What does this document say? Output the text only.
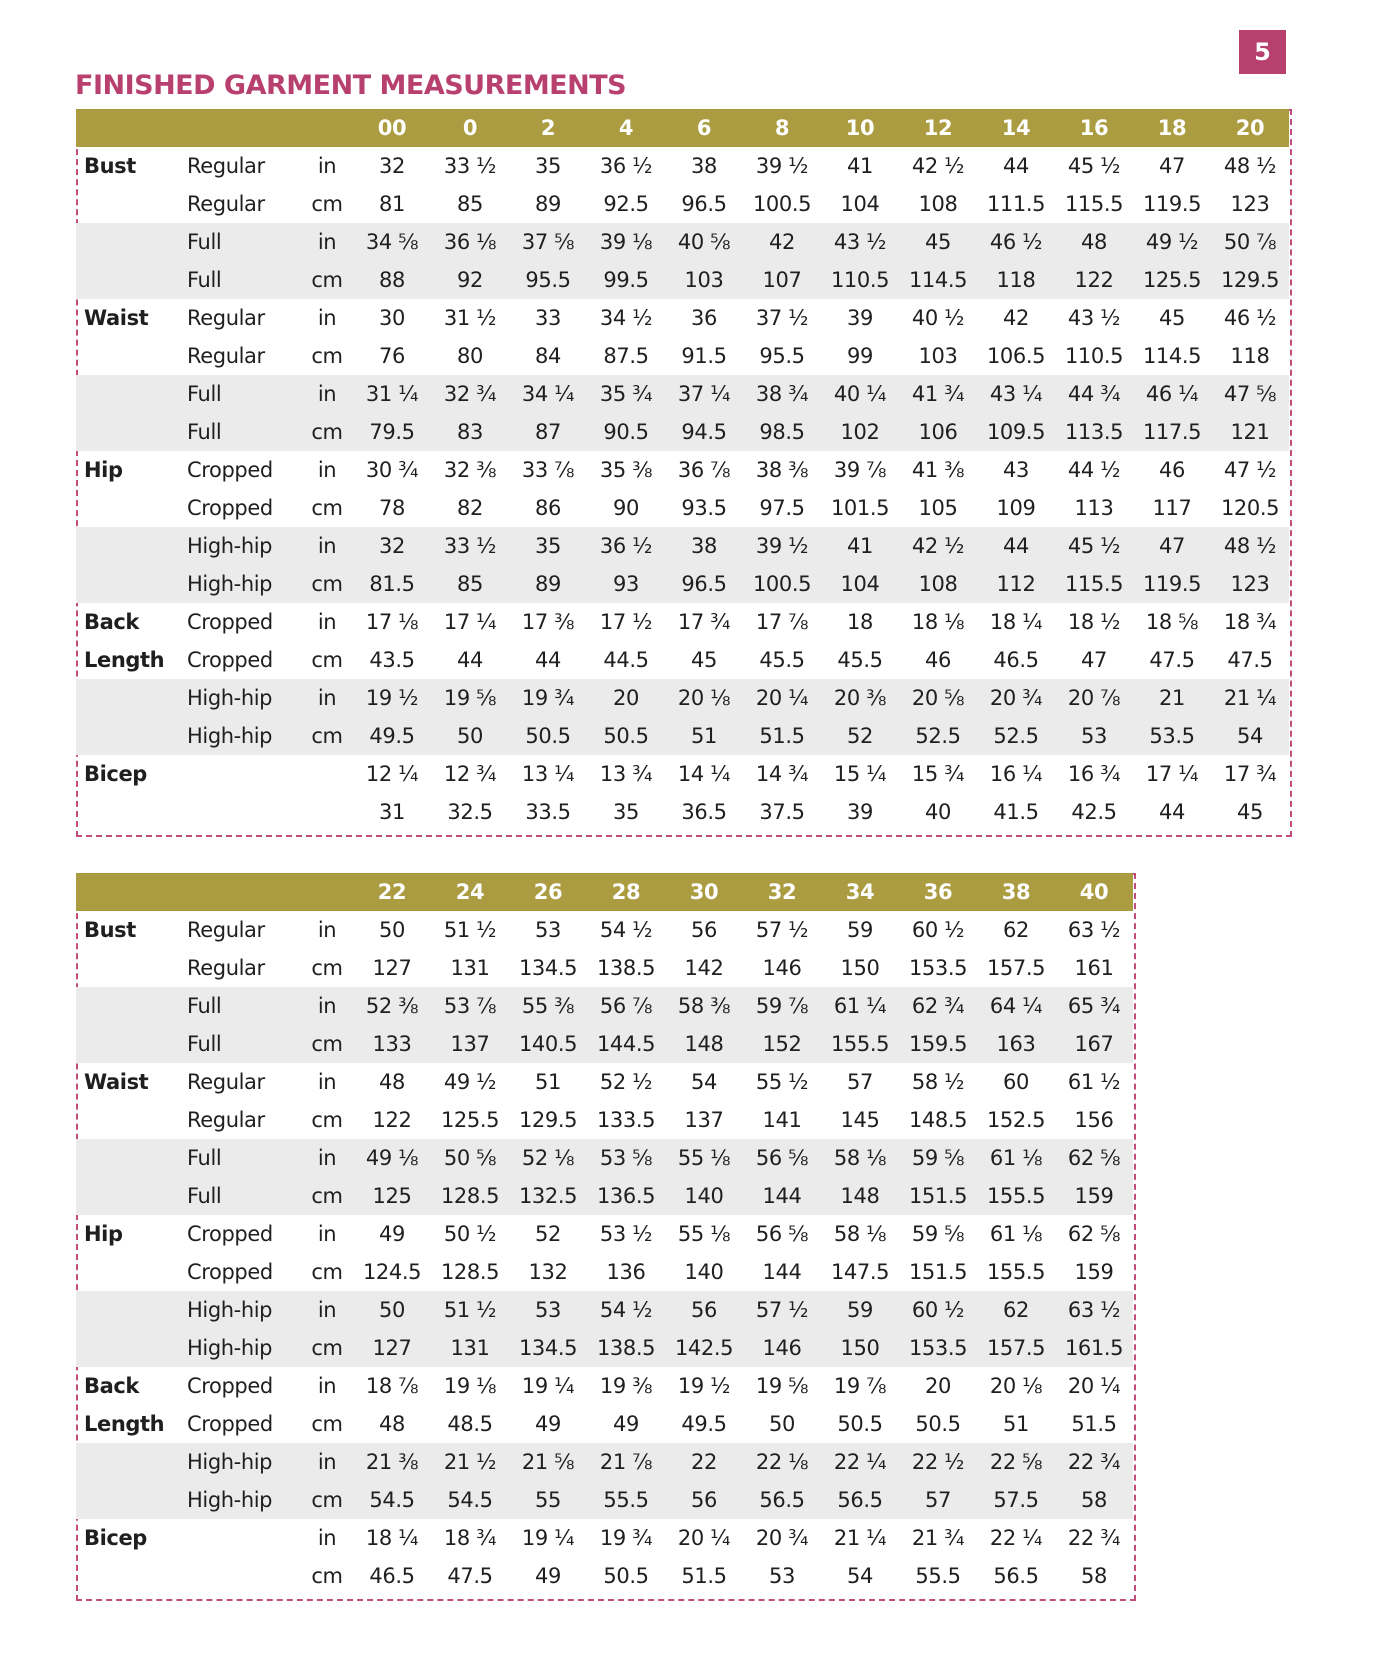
5
FINISHED GARMENT MEASUREMENTS
			00	0	2	4	6	8	10	12	14	16	18	20
Bust	Regular	in	32	33 ½	35	36 ½	38	39 ½	41	42 ½	44	45 ½	47	48 ½
	Regular	cm	81	85	89	92.5	96.5	100.5	104	108	111.5	115.5	119.5	123
	Full	in	34 ⅝	36 ⅛	37 ⅝	39 ⅛	40 ⅝	42	43 ½	45	46 ½	48	49 ½	50 ⅞
	Full	cm	88	92	95.5	99.5	103	107	110.5	114.5	118	122	125.5	129.5
Waist	Regular	in	30	31 ½	33	34 ½	36	37 ½	39	40 ½	42	43 ½	45	46 ½
	Regular	cm	76	80	84	87.5	91.5	95.5	99	103	106.5	110.5	114.5	118
	Full	in	31 ¼	32 ¾	34 ¼	35 ¾	37 ¼	38 ¾	40 ¼	41 ¾	43 ¼	44 ¾	46 ¼	47 ⅝
	Full	cm	79.5	83	87	90.5	94.5	98.5	102	106	109.5	113.5	117.5	121
Hip	Cropped	in	30 ¾	32 ⅜	33 ⅞	35 ⅜	36 ⅞	38 ⅜	39 ⅞	41 ⅜	43	44 ½	46	47 ½
	Cropped	cm	78	82	86	90	93.5	97.5	101.5	105	109	113	117	120.5
	High-hip	in	32	33 ½	35	36 ½	38	39 ½	41	42 ½	44	45 ½	47	48 ½
	High-hip	cm	81.5	85	89	93	96.5	100.5	104	108	112	115.5	119.5	123
Back	Cropped	in	17 ⅛	17 ¼	17 ⅜	17 ½	17 ¾	17 ⅞	18	18 ⅛	18 ¼	18 ½	18 ⅝	18 ¾
Length	Cropped	cm	43.5	44	44	44.5	45	45.5	45.5	46	46.5	47	47.5	47.5
	High-hip	in	19 ½	19 ⅝	19 ¾	20	20 ⅛	20 ¼	20 ⅜	20 ⅝	20 ¾	20 ⅞	21	21 ¼
	High-hip	cm	49.5	50	50.5	50.5	51	51.5	52	52.5	52.5	53	53.5	54
Bicep			12 ¼	12 ¾	13 ¼	13 ¾	14 ¼	14 ¾	15 ¼	15 ¾	16 ¼	16 ¾	17 ¼	17 ¾
			31	32.5	33.5	35	36.5	37.5	39	40	41.5	42.5	44	45
			22	24	26	28	30	32	34	36	38	40
Bust	Regular	in	50	51 ½	53	54 ½	56	57 ½	59	60 ½	62	63 ½
	Regular	cm	127	131	134.5	138.5	142	146	150	153.5	157.5	161
	Full	in	52 ⅜	53 ⅞	55 ⅜	56 ⅞	58 ⅜	59 ⅞	61 ¼	62 ¾	64 ¼	65 ¾
	Full	cm	133	137	140.5	144.5	148	152	155.5	159.5	163	167
Waist	Regular	in	48	49 ½	51	52 ½	54	55 ½	57	58 ½	60	61 ½
	Regular	cm	122	125.5	129.5	133.5	137	141	145	148.5	152.5	156
	Full	in	49 ⅛	50 ⅝	52 ⅛	53 ⅝	55 ⅛	56 ⅝	58 ⅛	59 ⅝	61 ⅛	62 ⅝
	Full	cm	125	128.5	132.5	136.5	140	144	148	151.5	155.5	159
Hip	Cropped	in	49	50 ½	52	53 ½	55 ⅛	56 ⅝	58 ⅛	59 ⅝	61 ⅛	62 ⅝
	Cropped	cm	124.5	128.5	132	136	140	144	147.5	151.5	155.5	159
	High-hip	in	50	51 ½	53	54 ½	56	57 ½	59	60 ½	62	63 ½
	High-hip	cm	127	131	134.5	138.5	142.5	146	150	153.5	157.5	161.5
Back	Cropped	in	18 ⅞	19 ⅛	19 ¼	19 ⅜	19 ½	19 ⅝	19 ⅞	20	20 ⅛	20 ¼
Length	Cropped	cm	48	48.5	49	49	49.5	50	50.5	50.5	51	51.5
	High-hip	in	21 ⅜	21 ½	21 ⅝	21 ⅞	22	22 ⅛	22 ¼	22 ½	22 ⅝	22 ¾
	High-hip	cm	54.5	54.5	55	55.5	56	56.5	56.5	57	57.5	58
Bicep		in	18 ¼	18 ¾	19 ¼	19 ¾	20 ¼	20 ¾	21 ¼	21 ¾	22 ¼	22 ¾
		cm	46.5	47.5	49	50.5	51.5	53	54	55.5	56.5	58
